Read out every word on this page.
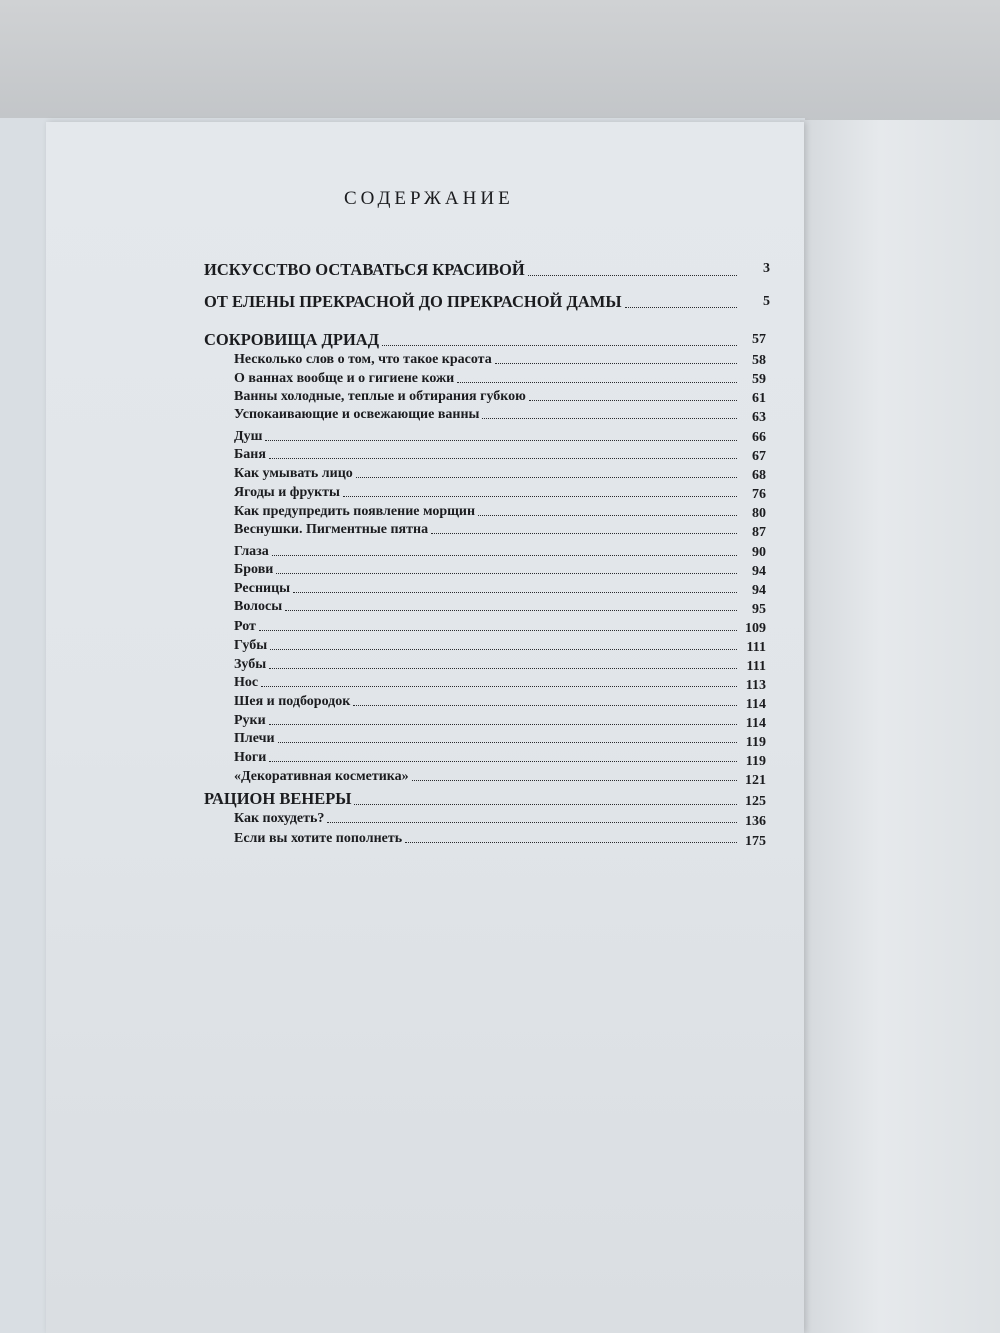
СОДЕРЖАНИЕ
ИСКУССТВО ОСТАВАТЬСЯ КРАСИВОЙ	3
ОТ ЕЛЕНЫ ПРЕКРАСНОЙ ДО ПРЕКРАСНОЙ ДАМЫ	5
СОКРОВИЩА ДРИАД	57
Несколько слов о том, что такое красота	58
О ваннах вообще и о гигиене кожи	59
Ванны холодные, теплые и обтирания губкою	61
Успокаивающие и освежающие ванны	63
Душ	66
Баня	67
Как умывать лицо	68
Ягоды и фрукты	76
Как предупредить появление морщин	80
Веснушки. Пигментные пятна	87
Глаза	90
Брови	94
Ресницы	94
Волосы	95
Рот	109
Губы	111
Зубы	111
Нос	113
Шея и подбородок	114
Руки	114
Плечи	119
Ноги	119
«Декоративная косметика»	121
РАЦИОН ВЕНЕРЫ	125
Как похудеть?	136
Если вы хотите пополнеть	175
